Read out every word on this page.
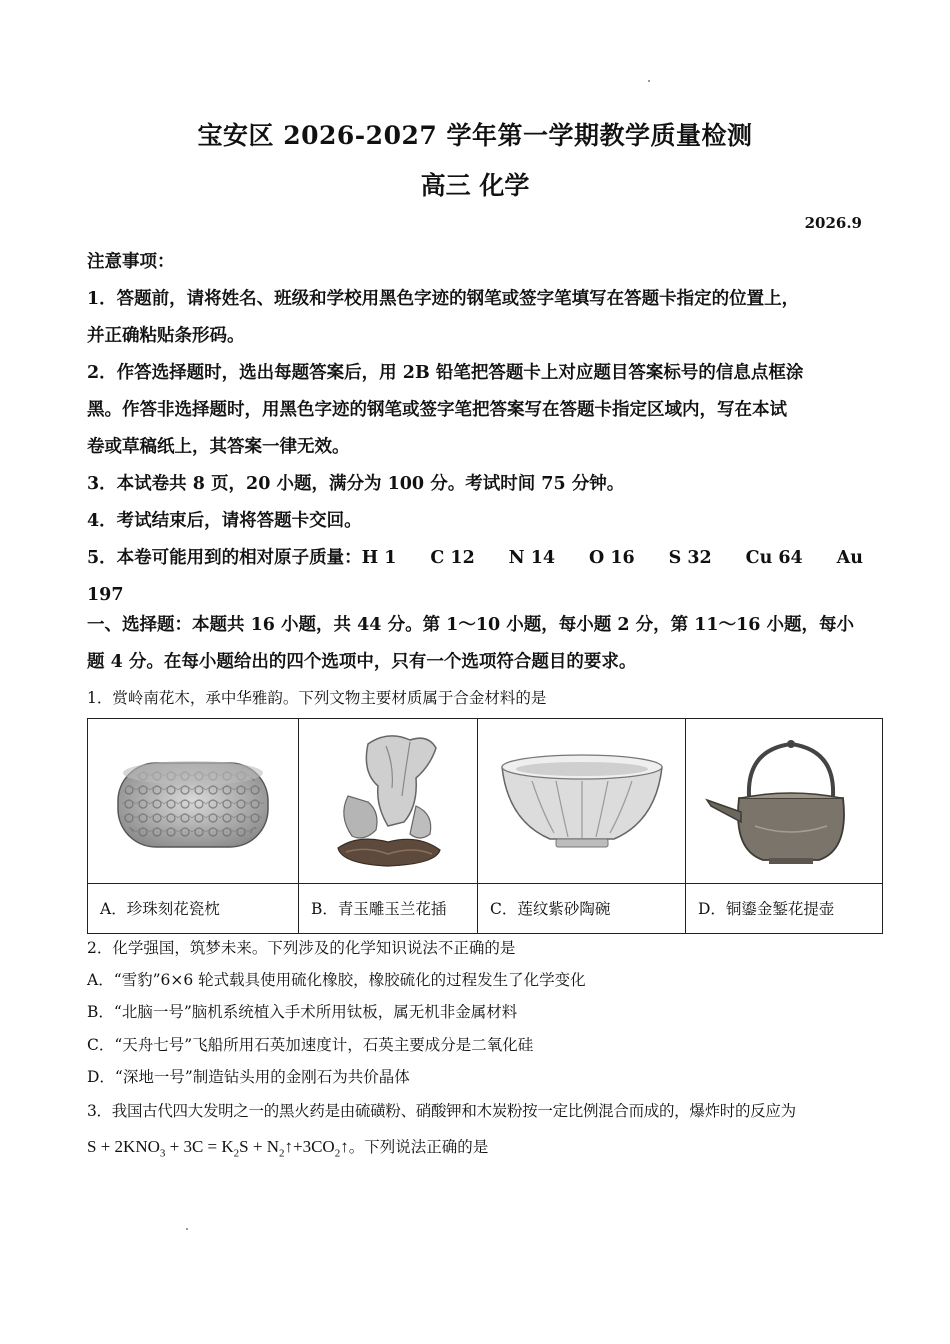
宝安区 2026-2027 学年第一学期教学质量检测
高三 化学
2026.9

注意事项：

1．答题前，请将姓名、班级和学校用黑色字迹的钢笔或签字笔填写在答题卡指定的位置上，

并正确粘贴条形码。

2．作答选择题时，选出每题答案后，用 2B 铅笔把答题卡上对应题目答案标号的信息点框涂

黑。作答非选择题时，用黑色字迹的钢笔或签字笔把答案写在答题卡指定区域内，写在本试

卷或草稿纸上，其答案一律无效。

3．本试卷共 8 页，20 小题，满分为 100 分。考试时间 75 分钟。

4．考试结束后，请将答题卡交回。

5．本卷可能用到的相对原子质量：H 1 C 12 N 14 O 16 S 32 Cu 64 Au

197

一、选择题：本题共 16 小题，共 44 分。第 1～10 小题，每小题 2 分，第 11～16 小题，每小
题 4 分。在每小题给出的四个选项中，只有一个选项符合题目的要求。
1．赏岭南花木，承中华雅韵。下列文物主要材质属于合金材料的是
A．珍珠刻花瓷枕	B．青玉雕玉兰花插	C．莲纹紫砂陶碗	D．铜鎏金錾花提壶
2．化学强国，筑梦未来。下列涉及的化学知识说法不正确的是
A．“雪豹”6×6 轮式载具使用硫化橡胶，橡胶硫化的过程发生了化学变化
B．“北脑一号”脑机系统植入手术所用钛板，属无机非金属材料
C．“天舟七号”飞船所用石英加速度计，石英主要成分是二氧化硅
D．“深地一号”制造钻头用的金刚石为共价晶体
3．我国古代四大发明之一的黑火药是由硫磺粉、硝酸钾和木炭粉按一定比例混合而成的，爆炸时的反应为
$S + 2KNO_3 + 3C = K_2S$ + $N_2↑+3CO_2↑$。下列说法正确的是
